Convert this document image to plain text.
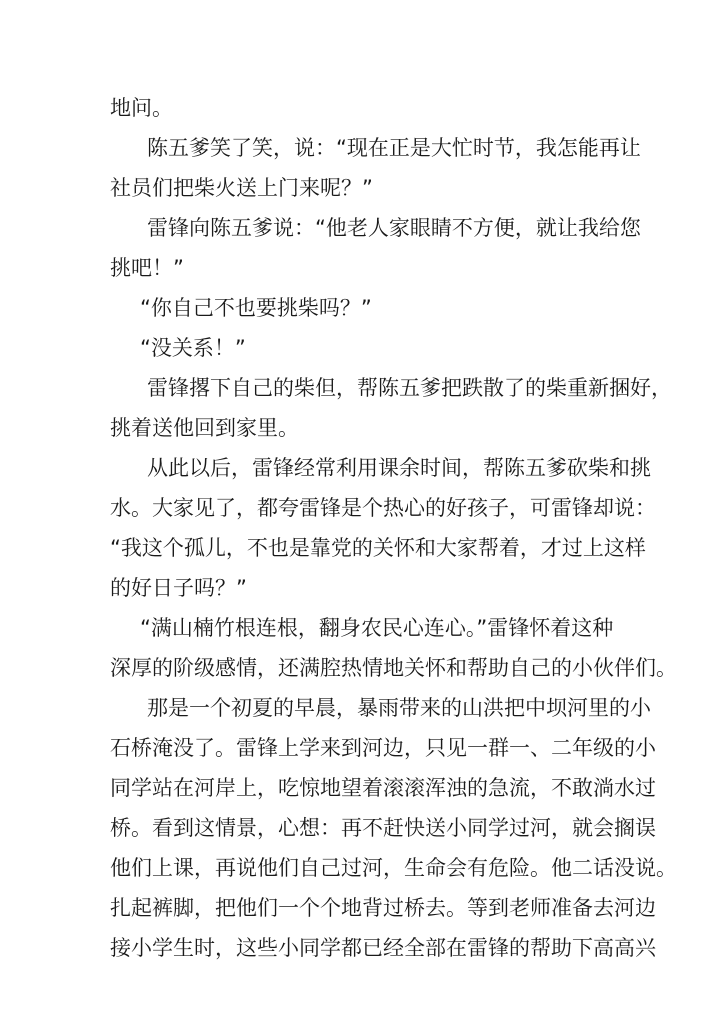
地问。
陈五爹笑了笑，说：“现在正是大忙时节，我怎能再让
社员们把柴火送上门来呢？”
雷锋向陈五爹说：“他老人家眼睛不方便，就让我给您
挑吧！”
“你自己不也要挑柴吗？”
“没关系！”
雷锋撂下自己的柴但，帮陈五爹把跌散了的柴重新捆好，
挑着送他回到家里。
从此以后，雷锋经常利用课余时间，帮陈五爹砍柴和挑
水。大家见了，都夸雷锋是个热心的好孩子，可雷锋却说：
“我这个孤儿，不也是靠党的关怀和大家帮着，才过上这样
的好日子吗？”
“满山楠竹根连根，翻身农民心连心。”雷锋怀着这种
深厚的阶级感情，还满腔热情地关怀和帮助自己的小伙伴们。
那是一个初夏的早晨，暴雨带来的山洪把中坝河里的小
石桥淹没了。雷锋上学来到河边，只见一群一、二年级的小
同学站在河岸上，吃惊地望着滚滚浑浊的急流，不敢淌水过
桥。看到这情景，心想：再不赶快送小同学过河，就会搁误
他们上课，再说他们自己过河，生命会有危险。他二话没说。
扎起裤脚，把他们一个个地背过桥去。等到老师准备去河边
接小学生时，这些小同学都已经全部在雷锋的帮助下高高兴
